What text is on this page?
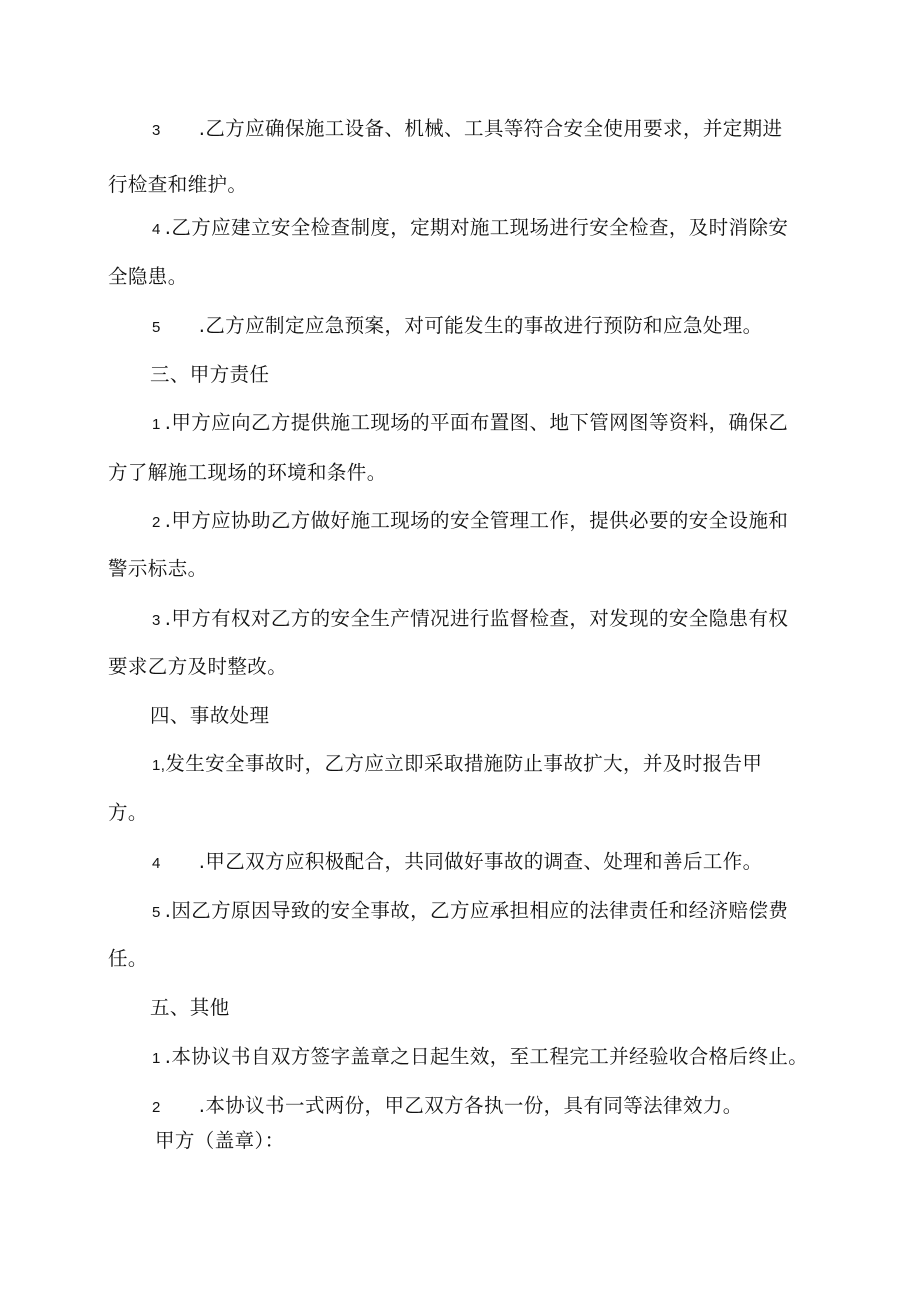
3 .乙方应确保施工设备、机械、工具等符合安全使用要求，并定期进
行检查和维护。
4 .乙方应建立安全检查制度，定期对施工现场进行安全检查，及时消除安
全隐患。
5 .乙方应制定应急预案，对可能发生的事故进行预防和应急处理。
三、甲方责任
1 .甲方应向乙方提供施工现场的平面布置图、地下管网图等资料，确保乙
方了解施工现场的环境和条件。
2 .甲方应协助乙方做好施工现场的安全管理工作，提供必要的安全设施和
警示标志。
3 .甲方有权对乙方的安全生产情况进行监督检查，对发现的安全隐患有权
要求乙方及时整改。
四、事故处理
1,发生安全事故时，乙方应立即采取措施防止事故扩大，并及时报告甲
方。
4 .甲乙双方应积极配合，共同做好事故的调查、处理和善后工作。
5 .因乙方原因导致的安全事故，乙方应承担相应的法律责任和经济赔偿费
任。
五、其他
1 .本协议书自双方签字盖章之日起生效，至工程完工并经验收合格后终止。
2 .本协议书一式两份，甲乙双方各执一份，具有同等法律效力。
甲方（盖章）：
